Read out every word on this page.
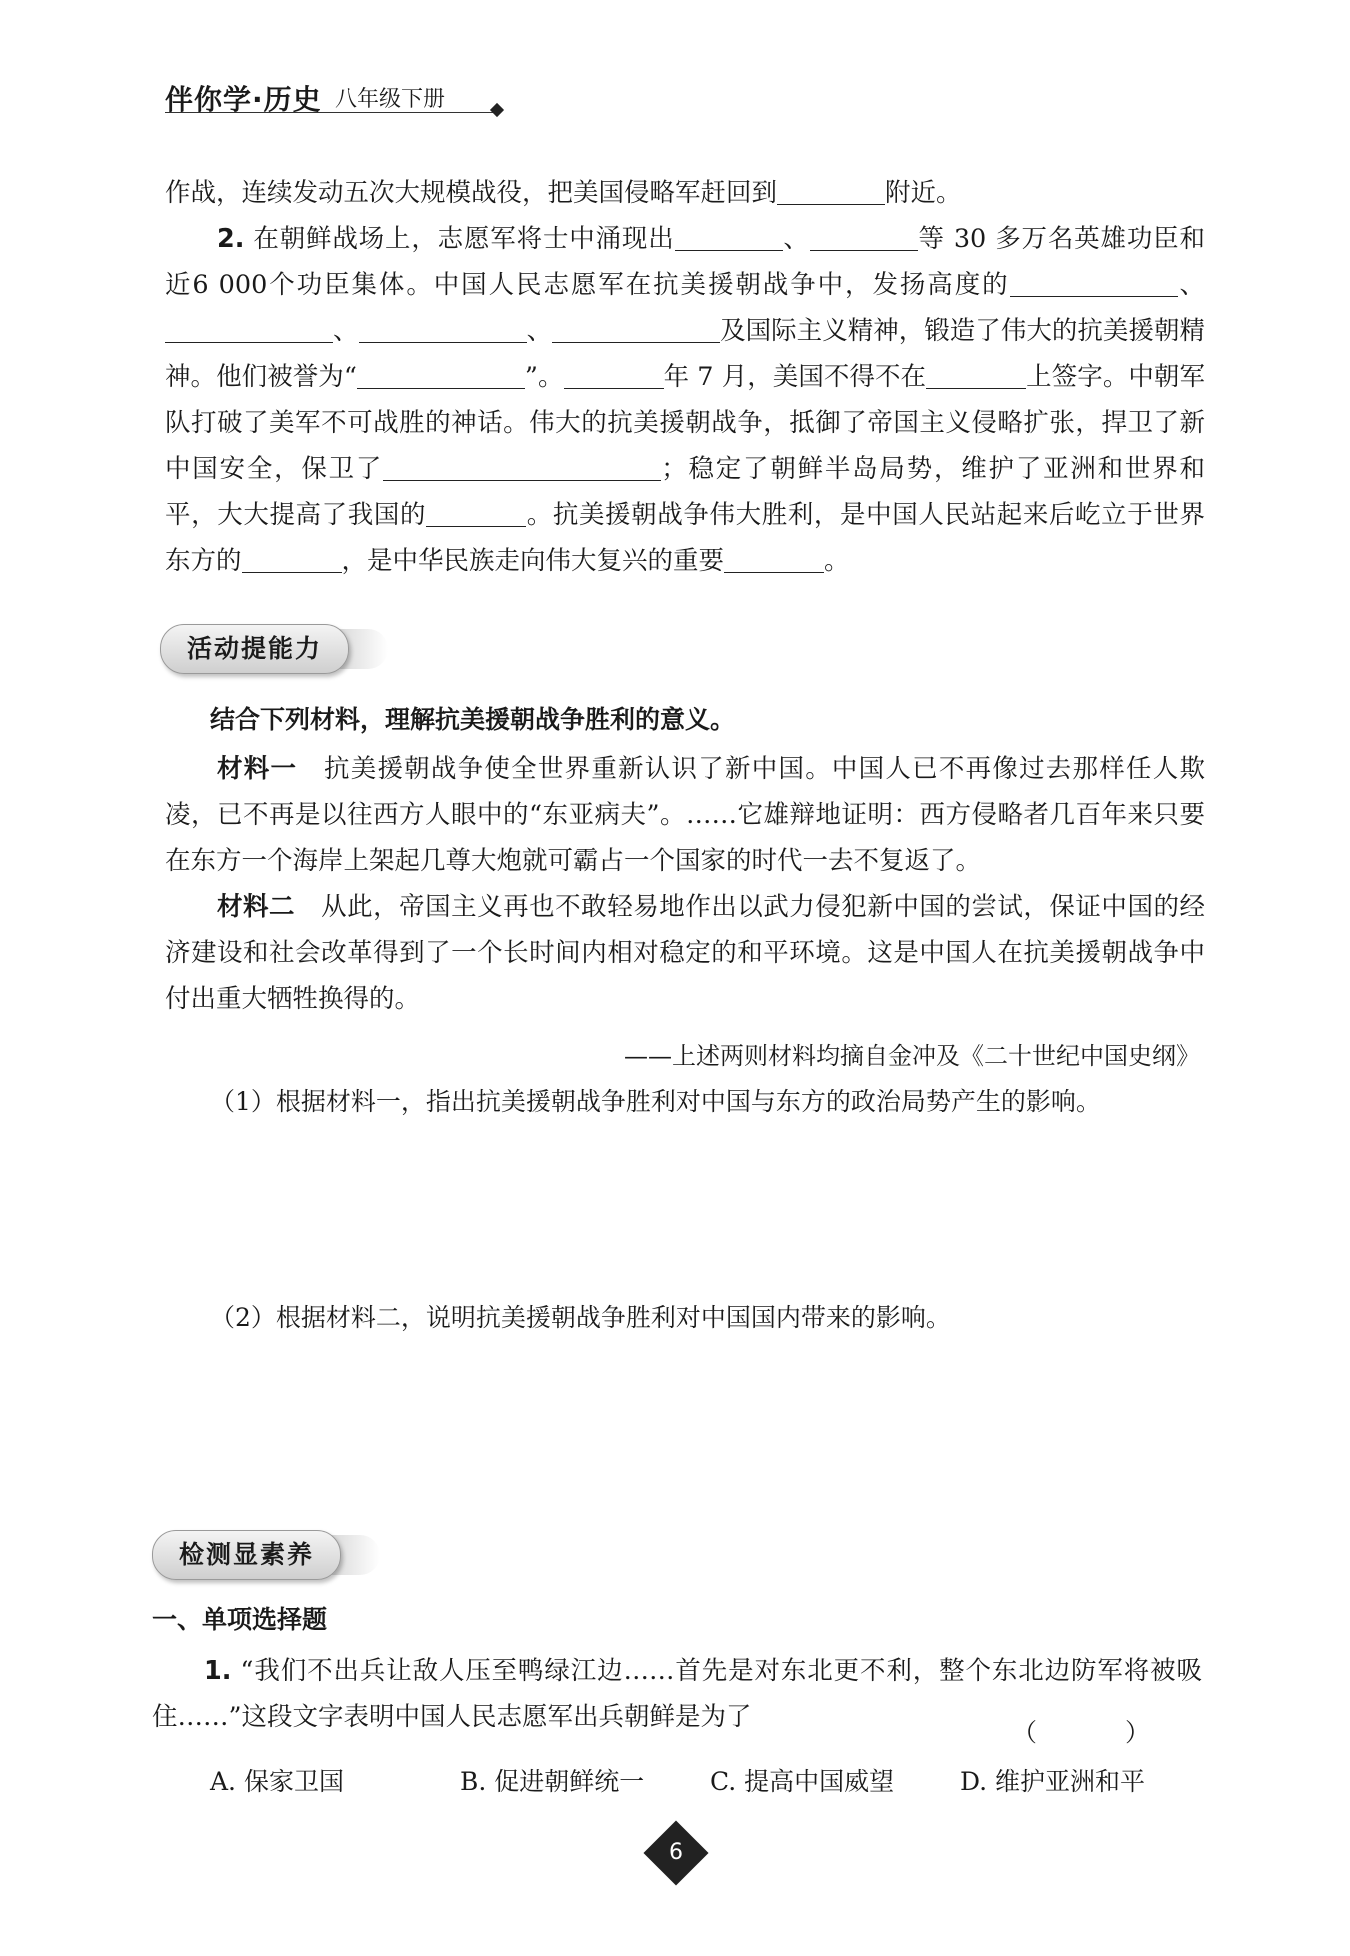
伴你学·历史 八年级下册

作战，连续发动五次大规模战役，把美国侵略军赶回到	附近。

2. 在朝鲜战场上，志愿军将士中涌现出	、	等 30 多万名英雄功臣和近6 000个功臣集体。中国人民志愿军在抗美援朝战争中，发扬高度的	、、	、	及国际主义精神，锻造了伟大的抗美援朝精神。他们被誉为“	”。	年 7 月，美国不得不在	上签字。中朝军队打破了美军不可战胜的神话。伟大的抗美援朝战争，抵御了帝国主义侵略扩张，捍卫了新中国安全，保卫了	；稳定了朝鲜半岛局势，维护了亚洲和世界和平，大大提高了我国的	。抗美援朝战争伟大胜利，是中国人民站起来后屹立于世界东方的	，是中华民族走向伟大复兴的重要	。

活动提能力
结合下列材料，理解抗美援朝战争胜利的意义。

材料一　 抗美援朝战争使全世界重新认识了新中国。中国人已不再像过去那样任人欺凌，已不再是以往西方人眼中的“东亚病夫”。……它雄辩地证明：西方侵略者几百年来只要在东方一个海岸上架起几尊大炮就可霸占一个国家的时代一去不复返了。

材料二　 从此，帝国主义再也不敢轻易地作出以武力侵犯新中国的尝试，保证中国的经济建设和社会改革得到了一个长时间内相对稳定的和平环境。这是中国人在抗美援朝战争中付出重大牺牲换得的。

——上述两则材料均摘自金冲及《二十世纪中国史纲》
（1）根据材料一，指出抗美援朝战争胜利对中国与东方的政治局势产生的影响。
（2）根据材料二，说明抗美援朝战争胜利对中国国内带来的影响。
检测显素养
一、单项选择题

1. “我们不出兵让敌人压至鸭绿江边……首先是对东北更不利，整个东北边防军将被吸住……”这段文字表明中国人民志愿军出兵朝鲜是为了

（ ）
A. 保家卫国	B. 促进朝鲜统一	C. 提高中国威望	D. 维护亚洲和平
6
